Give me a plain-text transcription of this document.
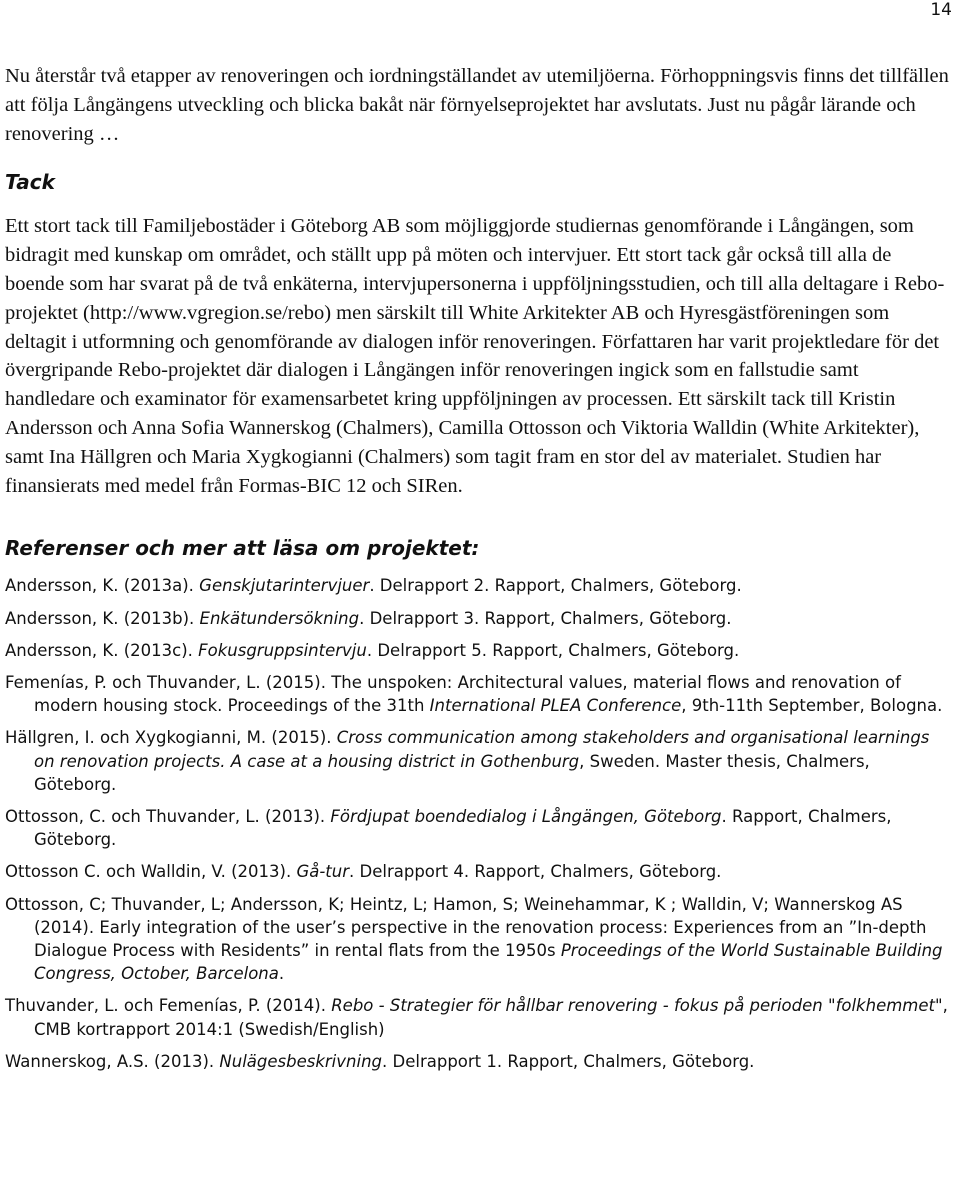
14

Nu återstår två etapper av renoveringen och iordningställandet av utemiljöerna. Förhoppningsvis finns det tillfällen att följa Långängens utveckling och blicka bakåt när förnyelseprojektet har avslutats. Just nu pågår lärande och renovering …

Tack

Ett stort tack till Familjebostäder i Göteborg AB som möjliggjorde studiernas genomförande i Långängen, som bidragit med kunskap om området, och ställt upp på möten och intervjuer. Ett stort tack går också till alla de boende som har svarat på de två enkäterna, intervjupersonerna i uppföljningsstudien, och till alla deltagare i Rebo-projektet (http://www.vgregion.se/rebo) men särskilt till White Arkitekter AB och Hyresgästföreningen som deltagit i utformning och genomförande av dialogen inför renoveringen. Författaren har varit projektledare för det övergripande Rebo-projektet där dialogen i Långängen inför renoveringen ingick som en fallstudie samt handledare och examinator för examensarbetet kring uppföljningen av processen. Ett särskilt tack till Kristin Andersson och Anna Sofia Wannerskog (Chalmers), Camilla Ottosson och Viktoria Walldin (White Arkitekter), samt Ina Hällgren och Maria Xygkogianni (Chalmers) som tagit fram en stor del av materialet. Studien har finansierats med medel från Formas-BIC 12 och SIRen.

Referenser och mer att läsa om projektet:
Andersson, K. (2013a). Genskjutarintervjuer. Delrapport 2. Rapport, Chalmers, Göteborg.
Andersson, K. (2013b). Enkätundersökning. Delrapport 3. Rapport, Chalmers, Göteborg.
Andersson, K. (2013c). Fokusgruppsintervju. Delrapport 5. Rapport, Chalmers, Göteborg.
Femenías, P. och Thuvander, L. (2015). The unspoken: Architectural values, material flows and renovation of modern housing stock. Proceedings of the 31th International PLEA Conference, 9th-11th September, Bologna.
Hällgren, I. och Xygkogianni, M. (2015). Cross communication among stakeholders and organisational learnings on renovation projects. A case at a housing district in Gothenburg, Sweden. Master thesis, Chalmers, Göteborg.
Ottosson, C. och Thuvander, L. (2013). Fördjupat boendedialog i Långängen, Göteborg. Rapport, Chalmers, Göteborg.
Ottosson C. och Walldin, V. (2013). Gå-tur. Delrapport 4. Rapport, Chalmers, Göteborg.
Ottosson, C; Thuvander, L; Andersson, K; Heintz, L; Hamon, S; Weinehammar, K ; Walldin, V; Wannerskog AS (2014). Early integration of the user’s perspective in the renovation process: Experiences from an ”In-depth Dialogue Process with Residents” in rental flats from the 1950s Proceedings of the World Sustainable Building Congress, October, Barcelona.
Thuvander, L. och Femenías, P. (2014). Rebo - Strategier för hållbar renovering - fokus på perioden "folkhemmet", CMB kortrapport 2014:1 (Swedish/English)
Wannerskog, A.S. (2013). Nulägesbeskrivning. Delrapport 1. Rapport, Chalmers, Göteborg.
